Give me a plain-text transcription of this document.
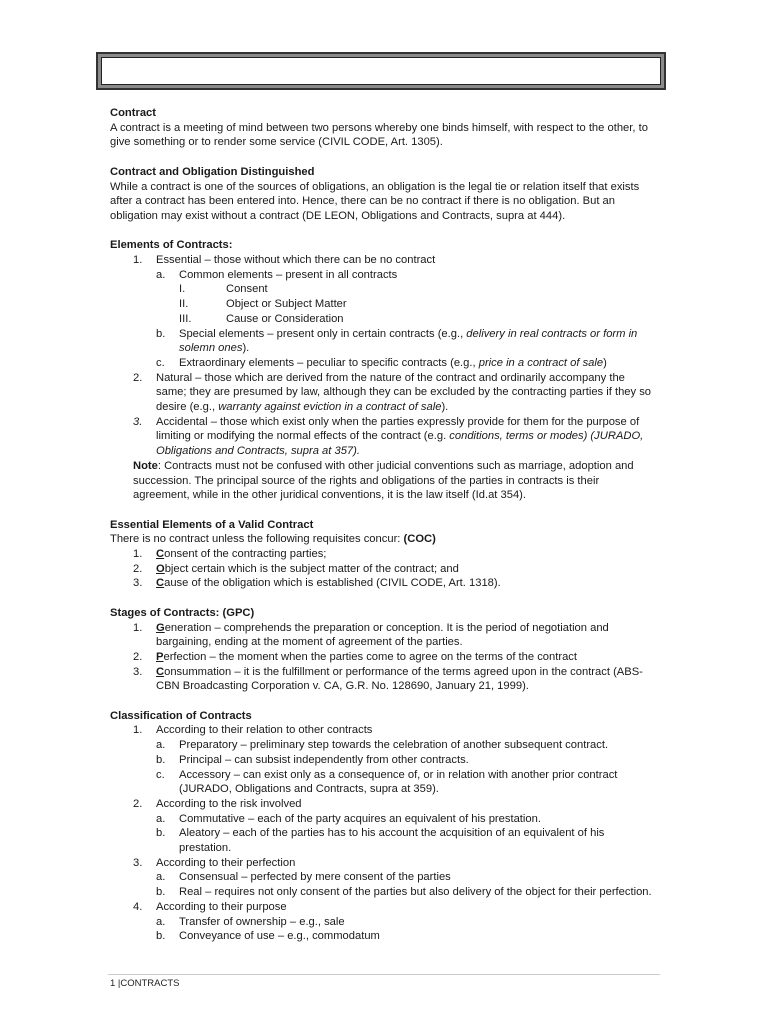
Contract

A contract is a meeting of mind between two persons whereby one binds himself, with respect to the other, to give something or to render some service (CIVIL CODE, Art. 1305).

Contract and Obligation Distinguished

While a contract is one of the sources of obligations, an obligation is the legal tie or relation itself that exists after a contract has been entered into. Hence, there can be no contract if there is no obligation. But an obligation may exist without a contract (DE LEON, Obligations and Contracts, supra at 444).

Elements of Contracts:

1. Essential – those without which there can be no contract
a. Common elements – present in all contracts
I.	Consent
II.	Object or Subject Matter
III.	Cause or Consideration
b. Special elements – present only in certain contracts (e.g., delivery in real contracts or form in solemn ones).
c. Extraordinary elements – peculiar to specific contracts (e.g., price in a contract of sale)
2. Natural – those which are derived from the nature of the contract and ordinarily accompany the same; they are presumed by law, although they can be excluded by the contracting parties if they so desire (e.g., warranty against eviction in a contract of sale).
3. Accidental – those which exist only when the parties expressly provide for them for the purpose of limiting or modifying the normal effects of the contract (e.g. conditions, terms or modes) (JURADO, Obligations and Contracts, supra at 357).

Note: Contracts must not be confused with other judicial conventions such as marriage, adoption and succession. The principal source of the rights and obligations of the parties in contracts is their agreement, while in the other juridical conventions, it is the law itself (Id.at 354).

Essential Elements of a Valid Contract

There is no contract unless the following requisites concur: (COC)

1. Consent of the contracting parties;
2. Object certain which is the subject matter of the contract; and
3. Cause of the obligation which is established (CIVIL CODE, Art. 1318).

Stages of Contracts: (GPC)

1. Generation – comprehends the preparation or conception. It is the period of negotiation and bargaining, ending at the moment of agreement of the parties.
2. Perfection – the moment when the parties come to agree on the terms of the contract
3. Consummation – it is the fulfillment or performance of the terms agreed upon in the contract (ABS-CBN Broadcasting Corporation v. CA, G.R. No. 128690, January 21, 1999).

Classification of Contracts

1. According to their relation to other contracts
a. Preparatory – preliminary step towards the celebration of another subsequent contract.
b. Principal – can subsist independently from other contracts.
c. Accessory – can exist only as a consequence of, or in relation with another prior contract (JURADO, Obligations and Contracts, supra at 359).
2. According to the risk involved
a. Commutative – each of the party acquires an equivalent of his prestation.
b. Aleatory – each of the parties has to his account the acquisition of an equivalent of his prestation.
3. According to their perfection
a. Consensual – perfected by mere consent of the parties
b. Real – requires not only consent of the parties but also delivery of the object for their perfection.
4. According to their purpose
a. Transfer of ownership – e.g., sale
b. Conveyance of use – e.g., commodatum
1 |CONTRACTS
